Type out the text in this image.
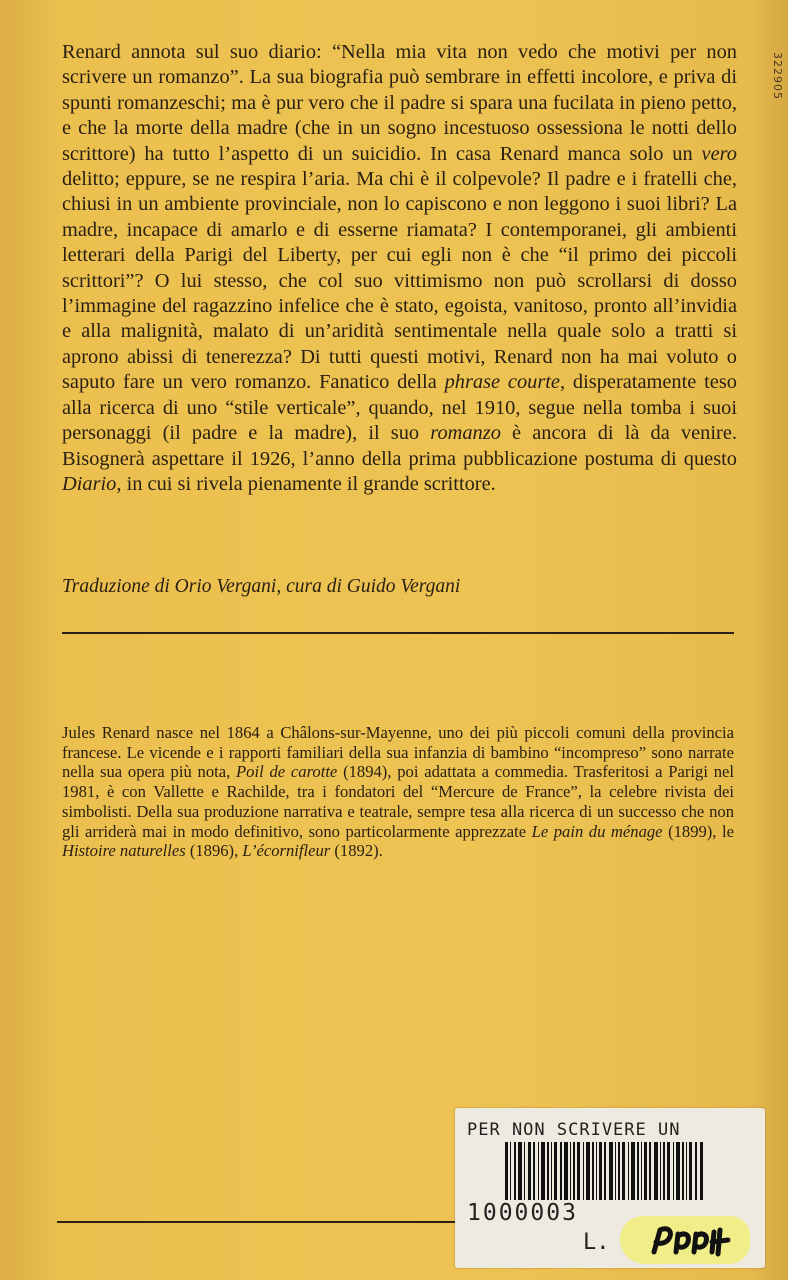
322905

Renard annota sul suo diario: “Nella mia vita non vedo che motivi per non scrivere un romanzo”. La sua biografia può sembrare in effetti incolore, e priva di spunti romanzeschi; ma è pur vero che il padre si spara una fucilata in pieno petto, e che la morte della madre (che in un sogno incestuoso ossessiona le notti dello scrittore) ha tutto l’aspetto di un suicidio. In casa Renard manca solo un vero delitto; eppure, se ne respira l’aria. Ma chi è il colpevole? Il padre e i fratelli che, chiusi in un ambiente provinciale, non lo capiscono e non leggono i suoi libri? La madre, incapace di amarlo e di esserne riamata? I contemporanei, gli ambienti letterari della Parigi del Liberty, per cui egli non è che “il primo dei piccoli scrittori”? O lui stesso, che col suo vittimismo non può scrollarsi di dosso l’immagine del ragazzino infelice che è stato, egoista, vanitoso, pronto all’invidia e alla malignità, malato di un’aridità sentimentale nella quale solo a tratti si aprono abissi di tenerezza? Di tutti questi motivi, Renard non ha mai voluto o saputo fare un vero romanzo. Fanatico della phrase courte, disperatamente teso alla ricerca di uno “stile verticale”, quando, nel 1910, segue nella tomba i suoi personaggi (il padre e la madre), il suo romanzo è ancora di là da venire. Bisognerà aspettare il 1926, l’anno della prima pubblicazione postuma di questo Diario, in cui si rivela pienamente il grande scrittore.

Traduzione di Orio Vergani, cura di Guido Vergani

Jules Renard nasce nel 1864 a Châlons-sur-Mayenne, uno dei più piccoli comuni della provincia francese. Le vicende e i rapporti familiari della sua infanzia di bambino “incompreso” sono narrate nella sua opera più nota, Poil de carotte (1894), poi adattata a commedia. Trasferitosi a Parigi nel 1981, è con Vallette e Rachilde, tra i fondatori del “Mercure de France”, la celebre rivista dei simbolisti. Della sua produzione narrativa e teatrale, sempre tesa alla ricerca di un successo che non gli arriderà mai in modo definitivo, sono particolarmente apprezzate Le pain du ménage (1899), le Histoire naturelles (1896), L’écornifleur (1892).

PER NON SCRIVERE UN
1000003
L.
